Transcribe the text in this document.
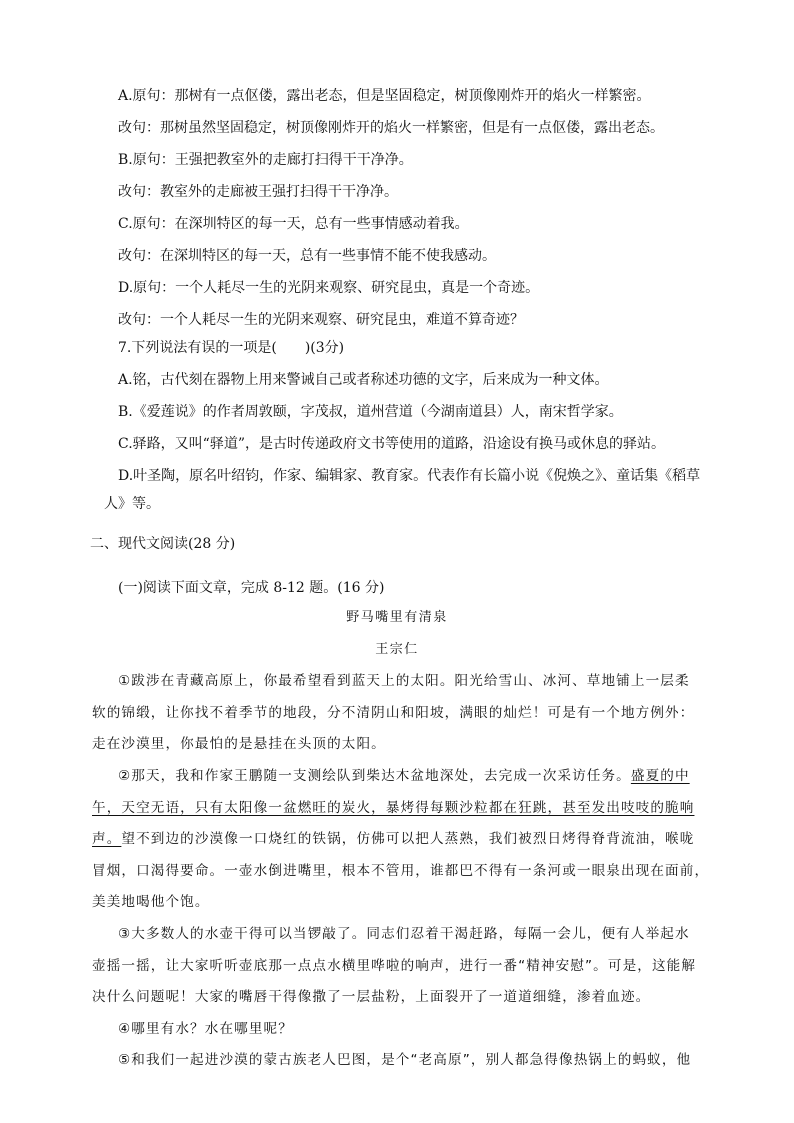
A.原句：那树有一点伛偻，露出老态，但是坚固稳定，树顶像刚炸开的焰火一样繁密。
改句：那树虽然坚固稳定，树顶像刚炸开的焰火一样繁密，但是有一点伛偻，露出老态。
B.原句：王强把教室外的走廊打扫得干干净净。
改句：教室外的走廊被王强打扫得干干净净。
C.原句：在深圳特区的每一天，总有一些事情感动着我。
改句：在深圳特区的每一天，总有一些事情不能不使我感动。
D.原句：一个人耗尽一生的光阴来观察、研究昆虫，真是一个奇迹。
改句：一个人耗尽一生的光阴来观察、研究昆虫，难道不算奇迹？
7.下列说法有误的一项是(　　)(3分)
A.铭，古代刻在器物上用来警诫自己或者称述功德的文字，后来成为一种文体。
B.《爱莲说》的作者周敦颐，字茂叔，道州营道（今湖南道县）人，南宋哲学家。
C.驿路，又叫“驿道”，是古时传递政府文书等使用的道路，沿途设有换马或休息的驿站。
D.叶圣陶，原名叶绍钧，作家、编辑家、教育家。代表作有长篇小说《倪焕之》、童话集《稻草
人》等。
二、现代文阅读(28 分)
(一)阅读下面文章，完成 8-12 题。(16 分)
野马嘴里有清泉
王宗仁
①跋涉在青藏高原上，你最希望看到蓝天上的太阳。阳光给雪山、冰河、草地铺上一层柔
软的锦缎，让你找不着季节的地段，分不清阴山和阳坡，满眼的灿烂！可是有一个地方例外：
走在沙漠里，你最怕的是悬挂在头顶的太阳。
②那天，我和作家王鹏随一支测绘队到柴达木盆地深处，去完成一次采访任务。盛夏的中
午，天空无语，只有太阳像一盆燃旺的炭火，暴烤得每颗沙粒都在狂跳，甚至发出吱吱的脆响
声。望不到边的沙漠像一口烧红的铁锅，仿佛可以把人蒸熟，我们被烈日烤得脊背流油，喉咙
冒烟，口渴得要命。一壶水倒进嘴里，根本不管用，谁都巴不得有一条河或一眼泉出现在面前，
美美地喝他个饱。
③大多数人的水壶干得可以当锣敲了。同志们忍着干渴赶路，每隔一会儿，便有人举起水
壶摇一摇，让大家听听壶底那一点点水横里哗啦的响声，进行一番“精神安慰”。可是，这能解
决什么问题呢！大家的嘴唇干得像撒了一层盐粉，上面裂开了一道道细缝，渗着血迹。
④哪里有水？水在哪里呢？
⑤和我们一起进沙漠的蒙古族老人巴图，是个“老高原”，别人都急得像热锅上的蚂蚁，他
